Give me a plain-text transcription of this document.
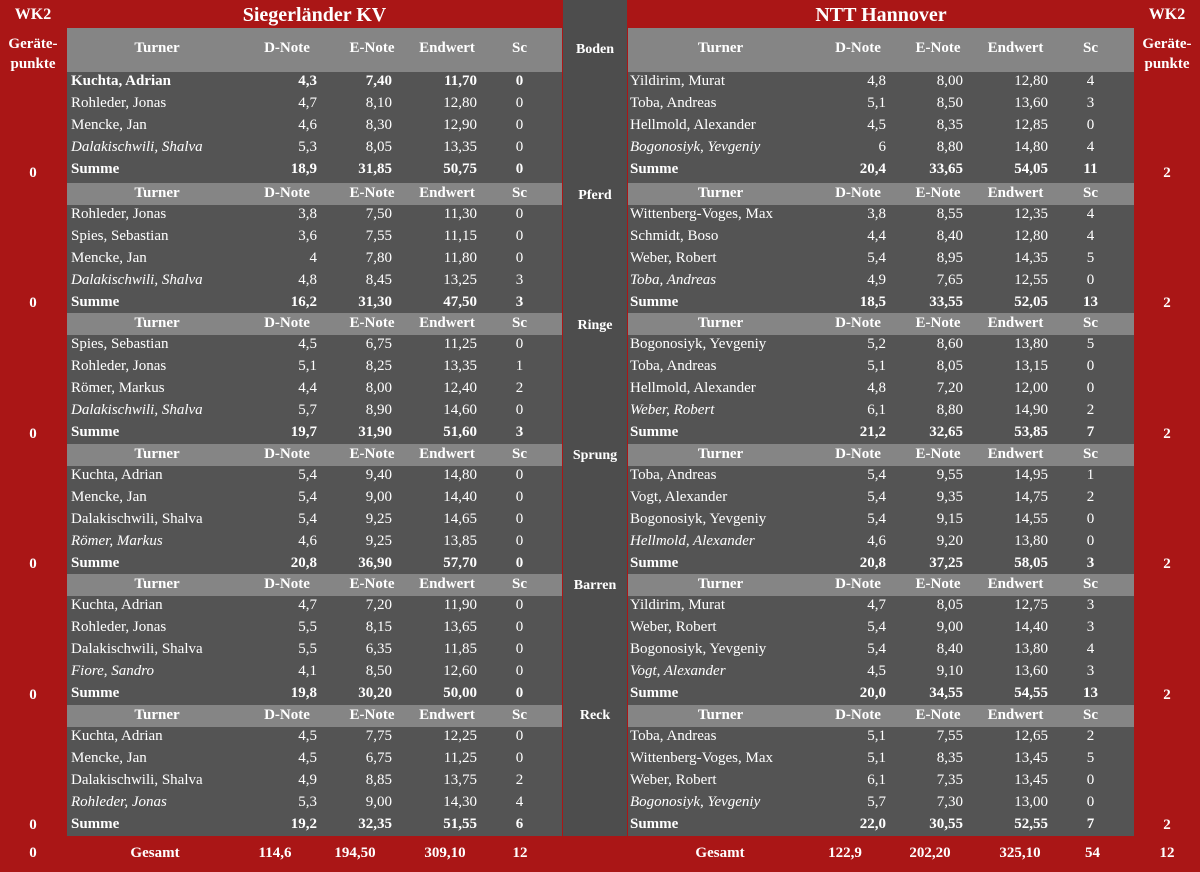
WK2
Geräte-
punkte
0
0
0
0
0
0
0
WK2
Geräte-
punkte
2
2
2
2
2
2
12
Siegerländer KV	NTT Hannover
Boden
Pferd
Ringe
Sprung
Barren
Reck
Turner	D-Note	E-Note	Endwert	Sc
Kuchta, Adrian	4,3	7,40	11,70	0
Rohleder, Jonas	4,7	8,10	12,80	0
Mencke, Jan	4,6	8,30	12,90	0
Dalakischwili, Shalva	5,3	8,05	13,35	0
Summe	18,9	31,85	50,75	0
Turner	D-Note	E-Note	Endwert	Sc
Rohleder, Jonas	3,8	7,50	11,30	0
Spies, Sebastian	3,6	7,55	11,15	0
Mencke, Jan	4	7,80	11,80	0
Dalakischwili, Shalva	4,8	8,45	13,25	3
Summe	16,2	31,30	47,50	3
Turner	D-Note	E-Note	Endwert	Sc
Spies, Sebastian	4,5	6,75	11,25	0
Rohleder, Jonas	5,1	8,25	13,35	1
Römer, Markus	4,4	8,00	12,40	2
Dalakischwili, Shalva	5,7	8,90	14,60	0
Summe	19,7	31,90	51,60	3
Turner	D-Note	E-Note	Endwert	Sc
Kuchta, Adrian	5,4	9,40	14,80	0
Mencke, Jan	5,4	9,00	14,40	0
Dalakischwili, Shalva	5,4	9,25	14,65	0
Römer, Markus	4,6	9,25	13,85	0
Summe	20,8	36,90	57,70	0
Turner	D-Note	E-Note	Endwert	Sc
Kuchta, Adrian	4,7	7,20	11,90	0
Rohleder, Jonas	5,5	8,15	13,65	0
Dalakischwili, Shalva	5,5	6,35	11,85	0
Fiore, Sandro	4,1	8,50	12,60	0
Summe	19,8	30,20	50,00	0
Turner	D-Note	E-Note	Endwert	Sc
Kuchta, Adrian	4,5	7,75	12,25	0
Mencke, Jan	4,5	6,75	11,25	0
Dalakischwili, Shalva	4,9	8,85	13,75	2
Rohleder, Jonas	5,3	9,00	14,30	4
Summe	19,2	32,35	51,55	6
Turner	D-Note	E-Note	Endwert	Sc
Yildirim, Murat	4,8	8,00	12,80	4
Toba, Andreas	5,1	8,50	13,60	3
Hellmold, Alexander	4,5	8,35	12,85	0
Bogonosiyk, Yevgeniy	6	8,80	14,80	4
Summe	20,4	33,65	54,05	11
Turner	D-Note	E-Note	Endwert	Sc
Wittenberg-Voges, Max	3,8	8,55	12,35	4
Schmidt, Boso	4,4	8,40	12,80	4
Weber, Robert	5,4	8,95	14,35	5
Toba, Andreas	4,9	7,65	12,55	0
Summe	18,5	33,55	52,05	13
Turner	D-Note	E-Note	Endwert	Sc
Bogonosiyk, Yevgeniy	5,2	8,60	13,80	5
Toba, Andreas	5,1	8,05	13,15	0
Hellmold, Alexander	4,8	7,20	12,00	0
Weber, Robert	6,1	8,80	14,90	2
Summe	21,2	32,65	53,85	7
Turner	D-Note	E-Note	Endwert	Sc
Toba, Andreas	5,4	9,55	14,95	1
Vogt, Alexander	5,4	9,35	14,75	2
Bogonosiyk, Yevgeniy	5,4	9,15	14,55	0
Hellmold, Alexander	4,6	9,20	13,80	0
Summe	20,8	37,25	58,05	3
Turner	D-Note	E-Note	Endwert	Sc
Yildirim, Murat	4,7	8,05	12,75	3
Weber, Robert	5,4	9,00	14,40	3
Bogonosiyk, Yevgeniy	5,4	8,40	13,80	4
Vogt, Alexander	4,5	9,10	13,60	3
Summe	20,0	34,55	54,55	13
Turner	D-Note	E-Note	Endwert	Sc
Toba, Andreas	5,1	7,55	12,65	2
Wittenberg-Voges, Max	5,1	8,35	13,45	5
Weber, Robert	6,1	7,35	13,45	0
Bogonosiyk, Yevgeniy	5,7	7,30	13,00	0
Summe	22,0	30,55	52,55	7
Gesamt	114,6	194,50	309,10	12	Gesamt	122,9	202,20	325,10	54
